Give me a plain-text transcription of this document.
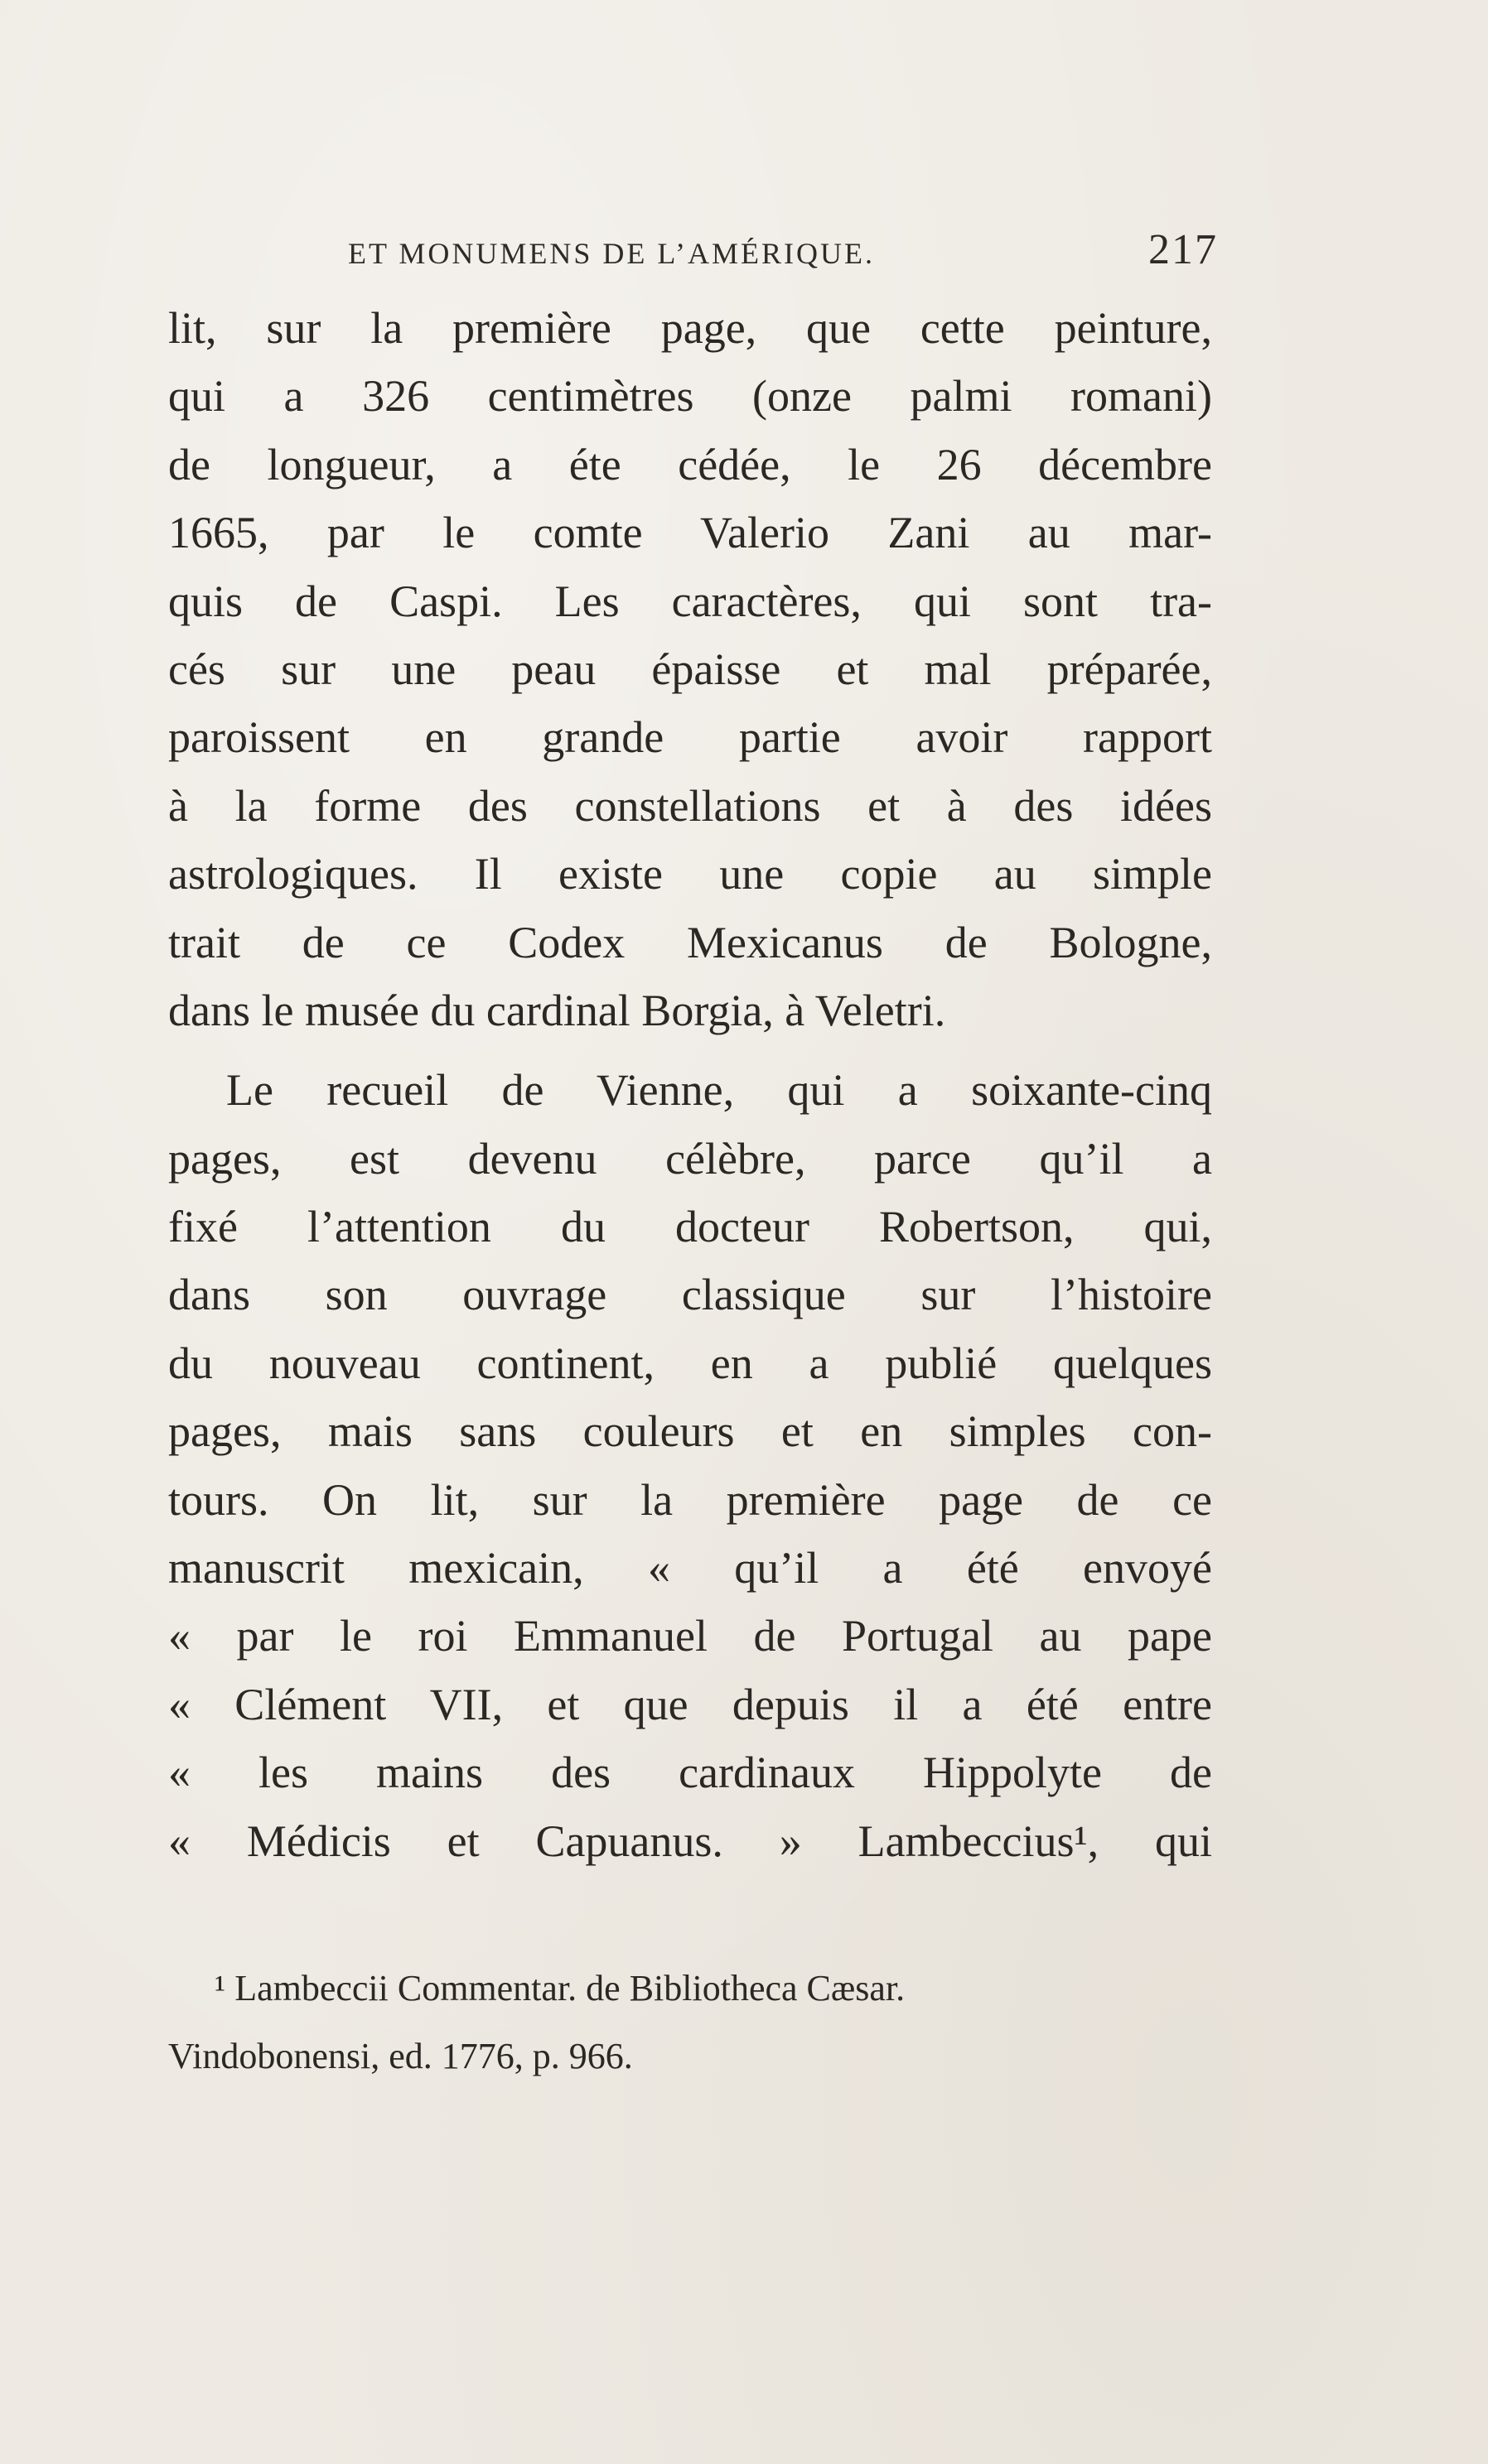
ET MONUMENS DE L’AMÉRIQUE.	217
lit, sur la première page, que cette peinture,
qui a 326 centimètres (onze palmi romani)
de longueur, a éte cédée, le 26 décembre
1665, par le comte Valerio Zani au mar-
quis de Caspi. Les caractères, qui sont tra-
cés sur une peau épaisse et mal préparée,
paroissent en grande partie avoir rapport
à la forme des constellations et à des idées
astrologiques. Il existe une copie au simple
trait de ce Codex Mexicanus de Bologne,
dans le musée du cardinal Borgia, à Veletri.
Le recueil de Vienne, qui a soixante-cinq
pages, est devenu célèbre, parce qu’il a
fixé l’attention du docteur Robertson, qui,
dans son ouvrage classique sur l’histoire
du nouveau continent, en a publié quelques
pages, mais sans couleurs et en simples con-
tours. On lit, sur la première page de ce
manuscrit mexicain, « qu’il a été envoyé
« par le roi Emmanuel de Portugal au pape
« Clément VII, et que depuis il a été entre
« les mains des cardinaux Hippolyte de
« Médicis et Capuanus. » Lambeccius¹, qui
¹ Lambeccii Commentar. de Bibliotheca Cæsar.
Vindobonensi, ed. 1776, p. 966.
